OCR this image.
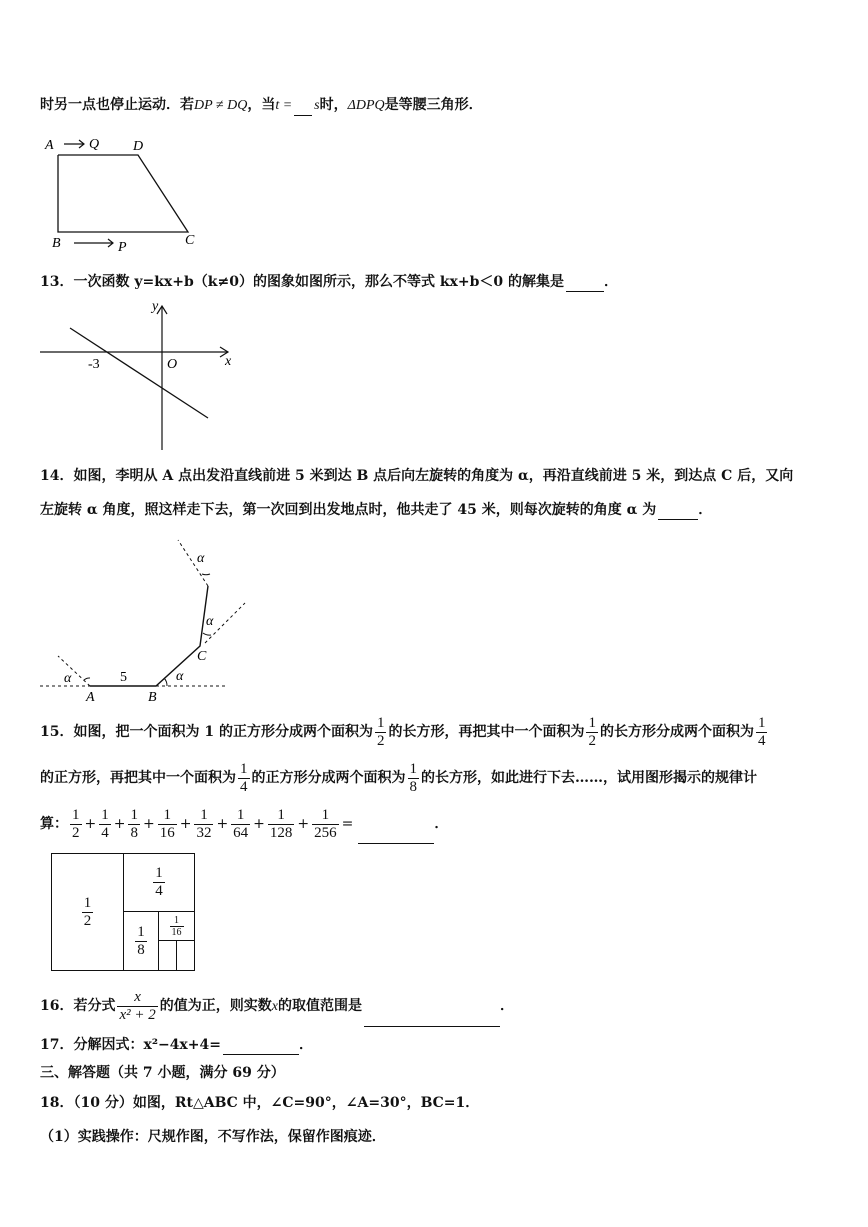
时另一点也停止运动．若DP ≠ DQ，当t = s时，ΔDPQ是等腰三角形．
A	Q D
B	P	C
13．一次函数 y=kx+b（k≠0）的图象如图所示，那么不等式 kx+b＜0 的解集是	．
y
x
O
-3
14．如图，李明从 A 点出发沿直线前进 5 米到达 B 点后向左旋转的角度为 α，再沿直线前进 5 米，到达点 C 后，又向
左旋转 α 角度，照这样走下去，第一次回到出发地点时，他共走了 45 米，则每次旋转的角度 α 为	．
α	α
α
α
A	B
C
5
15．如图，把一个面积为 1 的正方形分成两个面积为 $\frac{1}{2}$ 的长方形，再把其中一个面积为 $\frac{1}{2}$ 的长方形分成两个面积为 $\frac{1}{4}$
的正方形，再把其中一个面积为 $\frac{1}{4}$ 的正方形分成两个面积为 $\frac{1}{8}$ 的长方形，如此进行下去……，试用图形揭示的规律计
算： $\frac{1}{2} + \frac{1}{4} + \frac{1}{8} + \frac{1}{16} + \frac{1}{32} + \frac{1}{64} + \frac{1}{128} + \frac{1}{256}$ =	．
$\frac{1}{2}$
$\frac{1}{4}$
$\frac{1}{8} \frac{1}{16}$
16．若分式 $\frac{x}{\text{x² + 2}}$ 的值为正，则实数x的取值范围是	．
17．分解因式：x²−4x+4=	．
三、解答题（共 7 小题，满分 69 分）
18．（10 分）如图，Rt△ABC 中，∠C=90°，∠A=30°，BC=1．
（1）实践操作：尺规作图，不写作法，保留作图痕迹．
